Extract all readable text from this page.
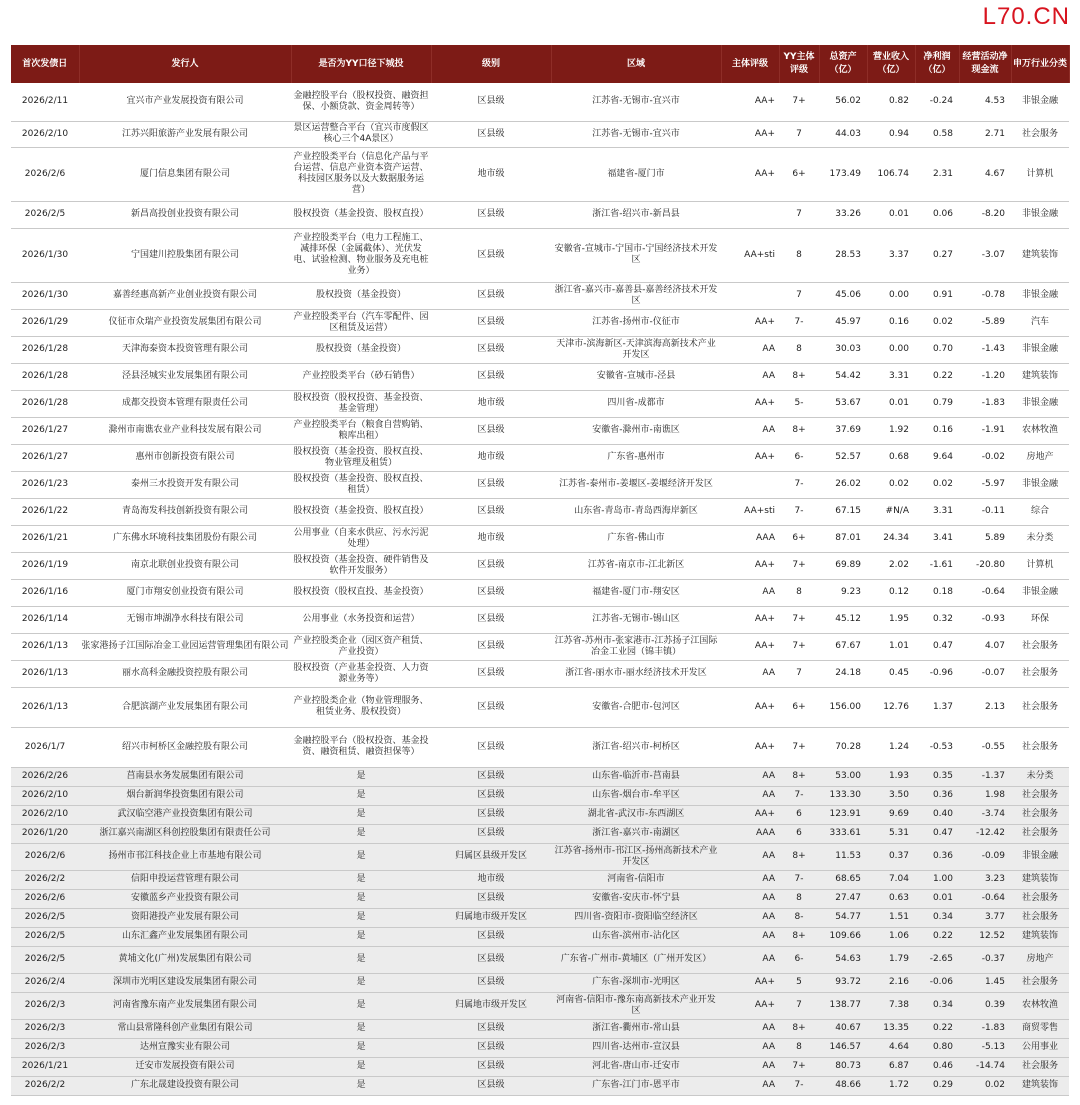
L70.CN
首次发债日	发行人	是否为YY口径下城投	级别	区域	主体评级	YY主体评级	总资产（亿）	营业收入（亿）	净利润（亿）	经营活动净现金流	申万行业分类
2026/2/11	宜兴市产业发展投资有限公司	金融控股平台（股权投资、融资担保、小额贷款、资金周转等）	区县级	江苏省-无锡市-宜兴市	AA+	7+	56.02	0.82	-0.24	4.53	非银金融
2026/2/10	江苏兴阳旅游产业发展有限公司	景区运营整合平台（宜兴市度假区核心三个4A景区）	区县级	江苏省-无锡市-宜兴市	AA+	7	44.03	0.94	0.58	2.71	社会服务
2026/2/6	厦门信息集团有限公司	产业控股类平台（信息化产品与平台运营、信息产业资本资产运营、科技园区服务以及大数据服务运营）	地市级	福建省-厦门市	AA+	6+	173.49	106.74	2.31	4.67	计算机
2026/2/5	新昌高投创业投资有限公司	股权投资（基金投资、股权直投）	区县级	浙江省-绍兴市-新昌县		7	33.26	0.01	0.06	-8.20	非银金融
2026/1/30	宁国建川控股集团有限公司	产业控股类平台（电力工程施工、减排环保（金属截体）、光伏发电、试验检测、物业服务及充电桩业务）	区县级	安徽省-宣城市-宁国市-宁国经济技术开发区	AA+sti	8	28.53	3.37	0.27	-3.07	建筑装饰
2026/1/30	嘉善经惠高新产业创业投资有限公司	股权投资（基金投资）	区县级	浙江省-嘉兴市-嘉善县-嘉善经济技术开发区		7	45.06	0.00	0.91	-0.78	非银金融
2026/1/29	仪征市众瑞产业投资发展集团有限公司	产业控股类平台（汽车零配件、园区租赁及运营）	区县级	江苏省-扬州市-仪征市	AA+	7-	45.97	0.16	0.02	-5.89	汽车
2026/1/28	天津海泰资本投资管理有限公司	股权投资（基金投资）	区县级	天津市-滨海新区-天津滨海高新技术产业开发区	AA	8	30.03	0.00	0.70	-1.43	非银金融
2026/1/28	泾县泾城实业发展集团有限公司	产业控股类平台（砂石销售）	区县级	安徽省-宣城市-泾县	AA	8+	54.42	3.31	0.22	-1.20	建筑装饰
2026/1/28	成都交投资本管理有限责任公司	股权投资（股权投资、基金投资、基金管理）	地市级	四川省-成都市	AA+	5-	53.67	0.01	0.79	-1.83	非银金融
2026/1/27	滁州市南谯农业产业科技发展有限公司	产业控股类平台（粮食自营购销、粮库出租）	区县级	安徽省-滁州市-南谯区	AA	8+	37.69	1.92	0.16	-1.91	农林牧渔
2026/1/27	惠州市创新投资有限公司	股权投资（基金投资、股权直投、物业管理及租赁）	地市级	广东省-惠州市	AA+	6-	52.57	0.68	9.64	-0.02	房地产
2026/1/23	泰州三水投资开发有限公司	股权投资（基金投资、股权直投、租赁）	区县级	江苏省-泰州市-姜堰区-姜堰经济开发区		7-	26.02	0.02	0.02	-5.97	非银金融
2026/1/22	青岛海发科技创新投资有限公司	股权投资（基金投资、股权直投）	区县级	山东省-青岛市-青岛西海岸新区	AA+sti	7-	67.15	#N/A	3.31	-0.11	综合
2026/1/21	广东佛水环境科技集团股份有限公司	公用事业（自来水供应、污水污泥处理）	地市级	广东省-佛山市	AAA	6+	87.01	24.34	3.41	5.89	未分类
2026/1/19	南京北联创业投资有限公司	股权投资（基金投资、硬件销售及软件开发服务）	区县级	江苏省-南京市-江北新区	AA+	7+	69.89	2.02	-1.61	-20.80	计算机
2026/1/16	厦门市翔安创业投资有限公司	股权投资（股权直投、基金投资）	区县级	福建省-厦门市-翔安区	AA	8	9.23	0.12	0.18	-0.64	非银金融
2026/1/14	无锡市坤湖净水科技有限公司	公用事业（水务投资和运营）	区县级	江苏省-无锡市-锡山区	AA+	7+	45.12	1.95	0.32	-0.93	环保
2026/1/13	张家港扬子江国际冶金工业园运营管理集团有限公司	产业控股类企业（园区资产租赁、产业投资）	区县级	江苏省-苏州市-张家港市-江苏扬子江国际冶金工业园（锦丰镇）	AA+	7+	67.67	1.01	0.47	4.07	社会服务
2026/1/13	丽水高科金融投资控股有限公司	股权投资（产业基金投资、人力资源业务等）	区县级	浙江省-丽水市-丽水经济技术开发区	AA	7	24.18	0.45	-0.96	-0.07	社会服务
2026/1/13	合肥滨湖产业发展集团有限公司	产业控股类企业（物业管理服务、租赁业务、股权投资）	区县级	安徽省-合肥市-包河区	AA+	6+	156.00	12.76	1.37	2.13	社会服务
2026/1/7	绍兴市柯桥区金融控股有限公司	金融控股平台（股权投资、基金投资、融资租赁、融资担保等）	区县级	浙江省-绍兴市-柯桥区	AA+	7+	70.28	1.24	-0.53	-0.55	社会服务
2026/2/26	莒南县水务发展集团有限公司	是	区县级	山东省-临沂市-莒南县	AA	8+	53.00	1.93	0.35	-1.37	未分类
2026/2/10	烟台新润华投资集团有限公司	是	区县级	山东省-烟台市-牟平区	AA	7-	133.30	3.50	0.36	1.98	社会服务
2026/2/10	武汉临空港产业投资集团有限公司	是	区县级	湖北省-武汉市-东西湖区	AA+	6	123.91	9.69	0.40	-3.74	社会服务
2026/1/20	浙江嘉兴南湖区科创控股集团有限责任公司	是	区县级	浙江省-嘉兴市-南湖区	AAA	6	333.61	5.31	0.47	-12.42	社会服务
2026/2/6	扬州市邗江科技企业上市基地有限公司	是	归属区县级开发区	江苏省-扬州市-邗江区-扬州高新技术产业开发区	AA	8+	11.53	0.37	0.36	-0.09	非银金融
2026/2/2	信阳申投运营管理有限公司	是	地市级	河南省-信阳市	AA	7-	68.65	7.04	1.00	3.23	建筑装饰
2026/2/6	安徽蓝乡产业投资有限公司	是	区县级	安徽省-安庆市-怀宁县	AA	8	27.47	0.63	0.01	-0.64	社会服务
2026/2/5	资阳港投产业发展有限公司	是	归属地市级开发区	四川省-资阳市-资阳临空经济区	AA	8-	54.77	1.51	0.34	3.77	社会服务
2026/2/5	山东汇鑫产业发展集团有限公司	是	区县级	山东省-滨州市-沾化区	AA	8+	109.66	1.06	0.22	12.52	建筑装饰
2026/2/5	黄埔文化(广州)发展集团有限公司	是	区县级	广东省-广州市-黄埔区（广州开发区）	AA	6-	54.63	1.79	-2.65	-0.37	房地产
2026/2/4	深圳市光明区建设发展集团有限公司	是	区县级	广东省-深圳市-光明区	AA+	5	93.72	2.16	-0.06	1.45	社会服务
2026/2/3	河南省豫东南产业发展集团有限公司	是	归属地市级开发区	河南省-信阳市-豫东南高新技术产业开发区	AA+	7	138.77	7.38	0.34	0.39	农林牧渔
2026/2/3	常山县常隆科创产业集团有限公司	是	区县级	浙江省-衢州市-常山县	AA	8+	40.67	13.35	0.22	-1.83	商贸零售
2026/2/3	达州宣豫实业有限公司	是	区县级	四川省-达州市-宣汉县	AA	8	146.57	4.64	0.80	-5.13	公用事业
2026/1/21	迁安市发展投资有限公司	是	区县级	河北省-唐山市-迁安市	AA	7+	80.73	6.87	0.46	-14.74	社会服务
2026/2/2	广东北晟建设投资有限公司	是	区县级	广东省-江门市-恩平市	AA	7-	48.66	1.72	0.29	0.02	建筑装饰
